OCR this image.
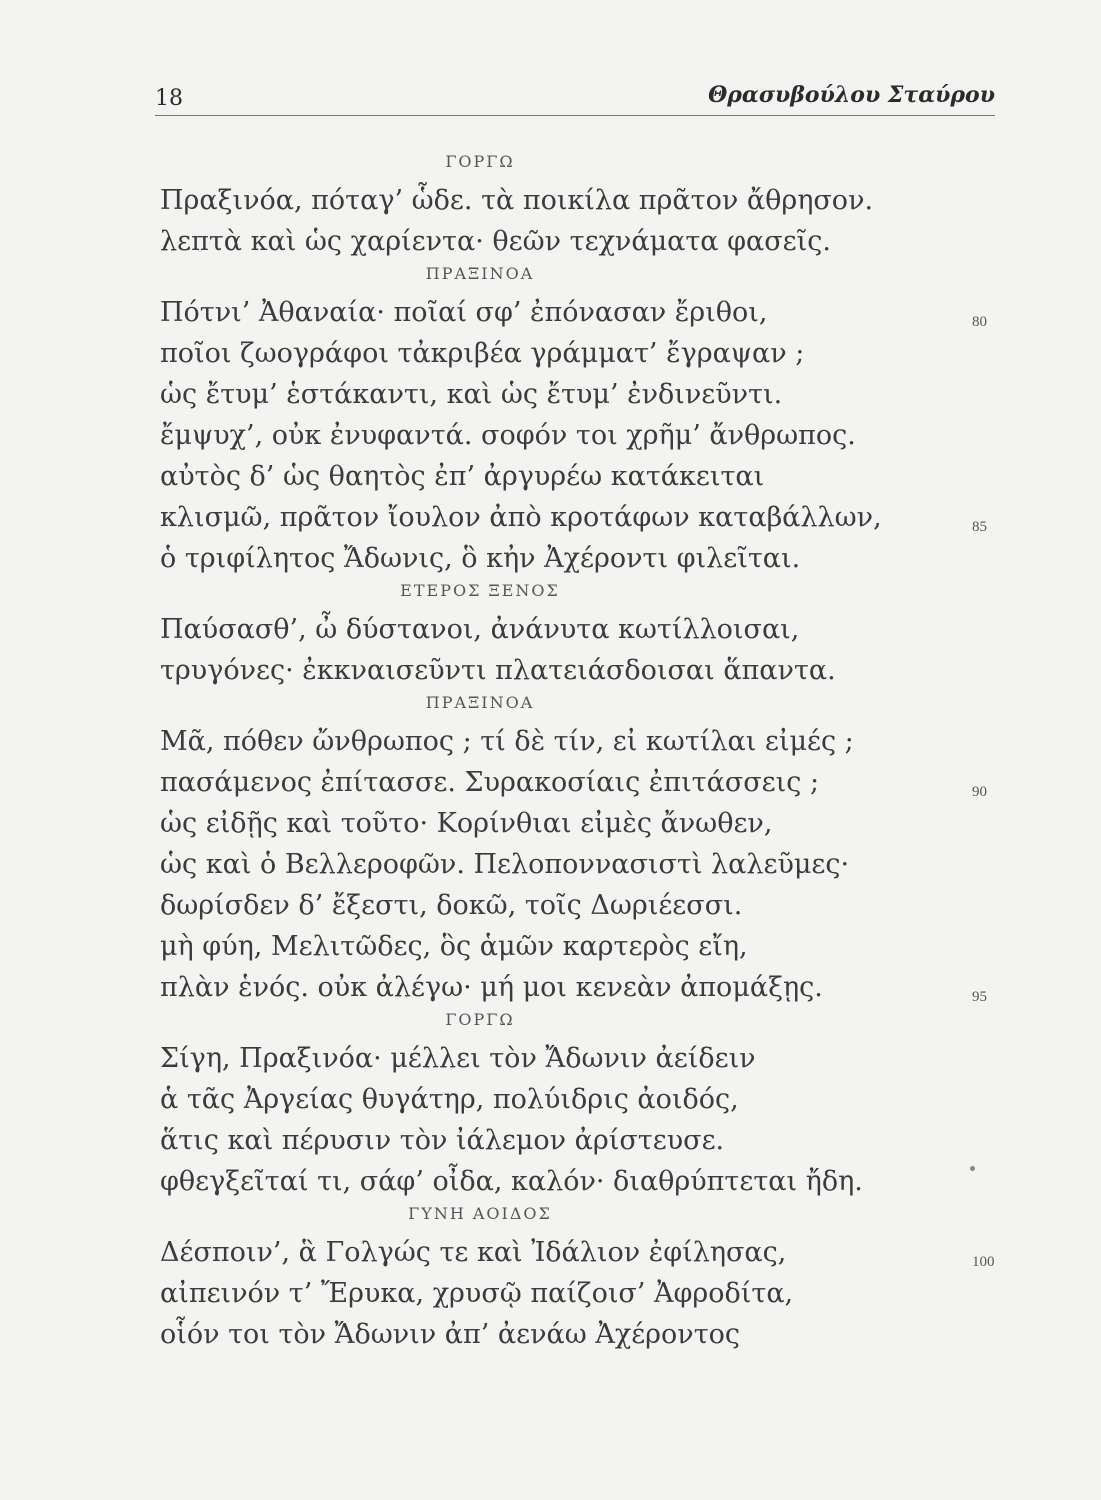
18	Θρασυβούλου Σταύρου
ΓΟΡΓΩ
Πραξινόα, πόταγ’ ὧδε. τὰ ποικίλα πρᾶτον ἄθρησον.
λεπτὰ καὶ ὡς χαρίεντα· θεῶν τεχνάματα φασεῖς.
ΠΡΑΞΙΝΟΑ
Πότνι’ Ἀθαναία· ποῖαί σφ’ ἐπόνασαν ἔριθοι,	80
ποῖοι ζωογράφοι τἀκριβέα γράμματ’ ἔγραψαν ;
ὡς ἔτυμ’ ἑστάκαντι, καὶ ὡς ἔτυμ’ ἐνδινεῦντι.
ἔμψυχ’, οὐκ ἐνυφαντά. σοφόν τοι χρῆμ’ ἄνθρωπος.
αὐτὸς δ’ ὡς θαητὸς ἐπ’ ἀργυρέω κατάκειται
κλισμῶ, πρᾶτον ἴουλον ἀπὸ κροτάφων καταβάλλων,	85
ὁ τριφίλητος Ἄδωνις, ὃ κἠν Ἀχέροντι φιλεῖται.
ΕΤΕΡΟΣ ΞΕΝΟΣ
Παύσασθ’, ὦ δύστανοι, ἀνάνυτα κωτίλλοισαι,
τρυγόνες· ἐκκναισεῦντι πλατειάσδοισαι ἅπαντα.
ΠΡΑΞΙΝΟΑ
Μᾶ, πόθεν ὤνθρωπος ; τί δὲ τίν, εἰ κωτίλαι εἰμές ;
πασάμενος ἐπίτασσε. Συρακοσίαις ἐπιτάσσεις ;	90
ὡς εἰδῇς καὶ τοῦτο· Κορίνθιαι εἰμὲς ἄνωθεν,
ὡς καὶ ὁ Βελλεροφῶν. Πελοποννασιστὶ λαλεῦμες·
δωρίσδεν δ’ ἔξεστι, δοκῶ, τοῖς Δωριέεσσι.
μὴ φύη, Μελιτῶδες, ὃς ἁμῶν καρτερὸς εἴη,
πλὰν ἑνός. οὐκ ἀλέγω· μή μοι κενεὰν ἀπομάξῃς.	95
ΓΟΡΓΩ
Σίγη, Πραξινόα· μέλλει τὸν Ἄδωνιν ἀείδειν
ἁ τᾶς Ἀργείας θυγάτηρ, πολύιδρις ἀοιδός,
ἅτις καὶ πέρυσιν τὸν ἰάλεμον ἀρίστευσε.
φθεγξεῖταί τι, σάφ’ οἶδα, καλόν· διαθρύπτεται ἤδη.
ΓΥΝΗ ΑΟΙΔΟΣ
Δέσποιν’, ἃ Γολγώς τε καὶ Ἰδάλιον ἐφίλησας,	100
αἰπεινόν τ’ Ἔρυκα, χρυσῷ παίζοισ’ Ἀφροδίτα,
οἷόν τοι τὸν Ἄδωνιν ἀπ’ ἀενάω Ἀχέροντος
